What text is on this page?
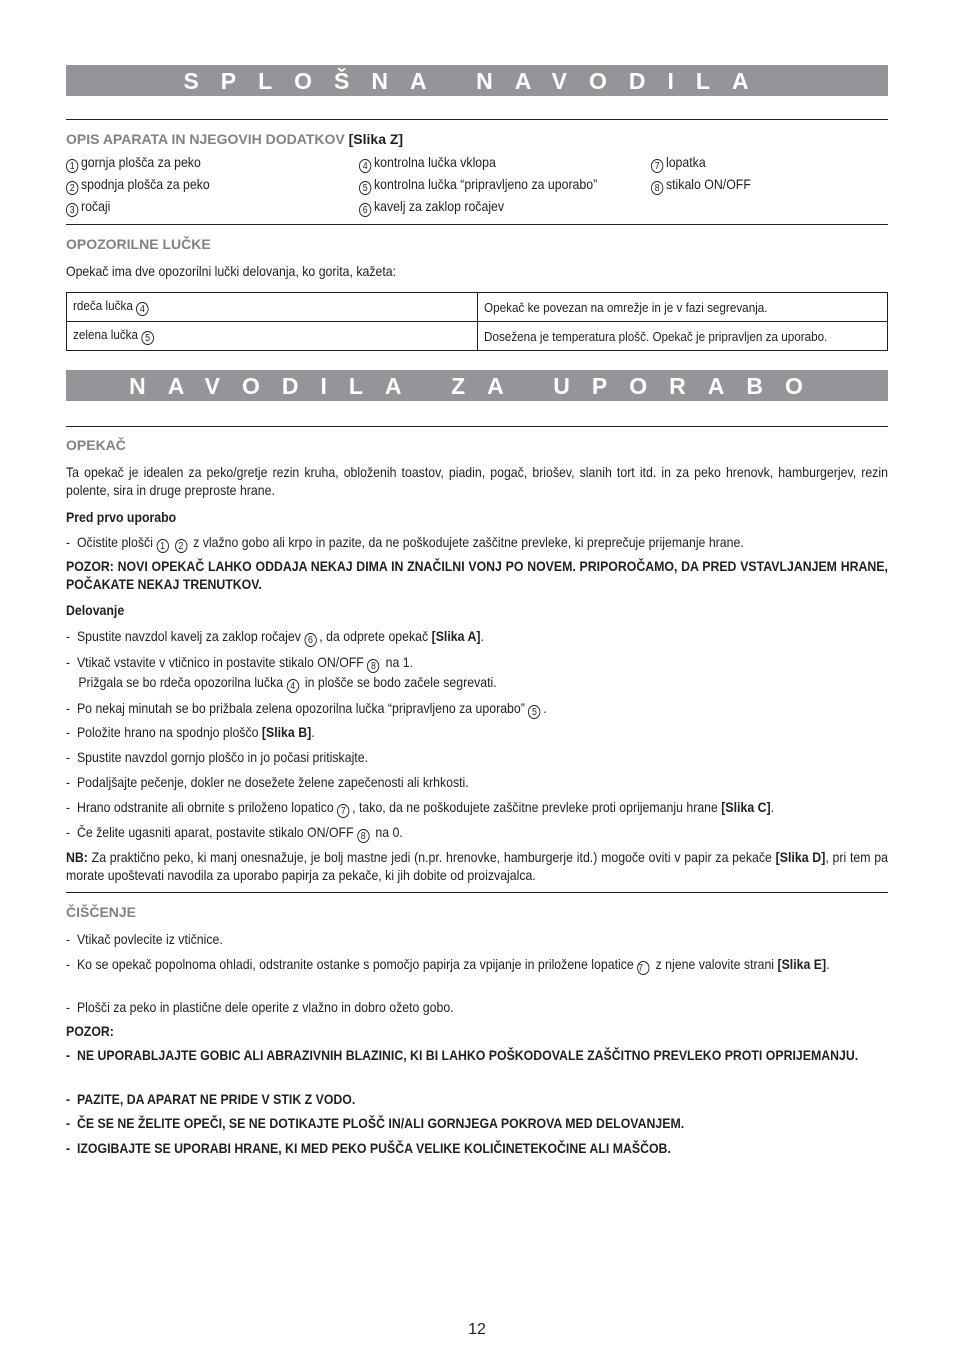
SPLOŠNA NAVODILA
OPIS APARATA IN NJEGOVIH DODATKOV [Slika Z]
1 gornja plošča za peko
2 spodnja plošča za peko
3 ročaji
4 kontrolna lučka vklopa
5 kontrolna lučka “pripravljeno za uporabo”
6 kavelj za zaklop ročajev
7 lopatka
8 stikalo ON/OFF
OPOZORILNE LUČKE
Opekač ima dve opozorilni lučki delovanja, ko gorita, kažeta:
rdeča lučka 4	Opekač ke povezan na omrežje in je v fazi segrevanja.
zelena lučka 5	Dosežena je temperatura plošč. Opekač je pripravljen za uporabo.
NAVODILA ZA UPORABO
OPEKAČ
Ta opekač je idealen za peko/gretje rezin kruha, obloženih toastov, piadin, pogač, briošev, slanih tort itd. in za peko hrenovk, hamburgerjev, rezin polente, sira in druge preproste hrane.
Pred prvo uporabo
-  Očistite plošči 1 2 z vlažno gobo ali krpo in pazite, da ne poškodujete zaščitne prevleke, ki preprečuje prijemanje hrane.
POZOR: NOVI OPEKAČ LAHKO ODDAJA NEKAJ DIMA IN ZNAČILNI VONJ PO NOVEM. PRIPOROČAMO, DA PRED VSTAVLJANJEM HRANE, POČAKATE NEKAJ TRENUTKOV.
Delovanje
-  Spustite navzdol kavelj za zaklop ročajev 6 , da odprete opekač [Slika A].
-  Vtikač vstavite v vtičnico in postavite stikalo ON/OFF 8 na 1.
Prižgala se bo rdeča opozorilna lučka 4 in plošče se bodo začele segrevati.
-  Po nekaj minutah se bo prižbala zelena opozorilna lučka “pripravljeno za uporabo” 5 .
-  Položite hrano na spodnjo ploščo [Slika B].
-  Spustite navzdol gornjo ploščo in jo počasi pritiskajte.
-  Podaljšajte pečenje, dokler ne dosežete želene zapečenosti ali krhkosti.
-  Hrano odstranite ali obrnite s priloženo lopatico 7 , tako, da ne poškodujete zaščitne prevleke proti oprijemanju hrane [Slika C].
-  Če želite ugasniti aparat, postavite stikalo ON/OFF 8 na 0.
NB: Za praktično peko, ki manj onesnažuje, je bolj mastne jedi (n.pr. hrenovke, hamburgerje itd.) mogoče oviti v papir za pekače [Slika D], pri tem pa morate upoštevati navodila za uporabo papirja za pekače, ki jih dobite od proizvajalca.
ČIŠČENJE
-  Vtikač povlecite iz vtičnice.
-  Ko se opekač popolnoma ohladi, odstranite ostanke s pomočjo papirja za vpijanje in priložene lopatice 7 z njene valovite strani [Slika E].
-  Plošči za peko in plastične dele operite z vlažno in dobro ožeto gobo.
POZOR:
-  NE UPORABLJAJTE GOBIC ALI ABRAZIVNIH BLAZINIC, KI BI LAHKO POŠKODOVALE ZAŠČITNO PREVLEKO PROTI OPRIJEMANJU.
-  PAZITE, DA APARAT NE PRIDE V STIK Z VODO.
-  ČE SE NE ŽELITE OPEČI, SE NE DOTIKAJTE PLOŠČ IN/ALI GORNJEGA POKROVA MED DELOVANJEM.
-  IZOGIBAJTE SE UPORABI HRANE, KI MED PEKO PUŠČA VELIKE KOLIČINETEKOČINE ALI MAŠČOB.
12
